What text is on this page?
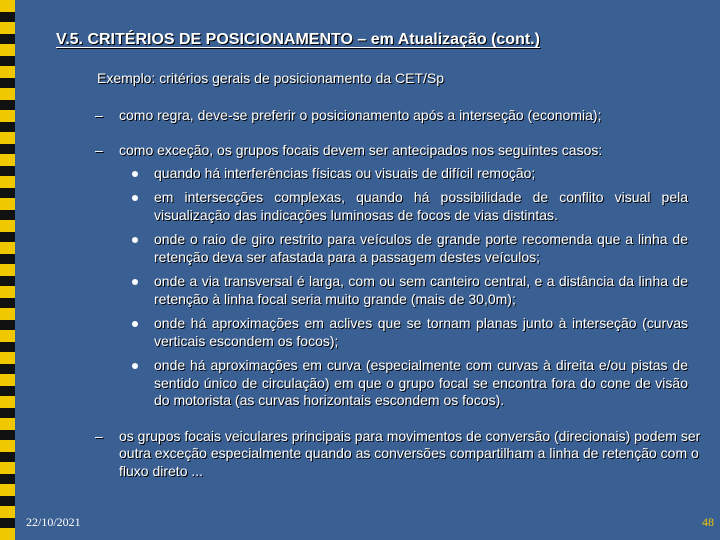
V.5. CRITÉRIOS DE POSICIONAMENTO – em Atualização (cont.)
Exemplo: critérios gerais de posicionamento da CET/Sp
– como regra, deve-se preferir o posicionamento após a interseção (economia);
– como exceção, os grupos focais devem ser antecipados nos seguintes casos:
quando há interferências físicas ou visuais de difícil remoção;
em intersecções complexas, quando há possibilidade de conflito visual pela visualização das indicações luminosas de focos de vias distintas.
onde o raio de giro restrito para veículos de grande porte recomenda que a linha de retenção deva ser afastada para a passagem destes veículos;
onde a via transversal é larga, com ou sem canteiro central, e a distância da linha de retenção à linha focal seria muito grande (mais de 30,0m);
onde há aproximações em aclives que se tornam planas junto à interseção (curvas verticais escondem os focos);
onde há aproximações em curva (especialmente com curvas à direita e/ou pistas de sentido único de circulação) em que o grupo focal se encontra fora do cone de visão do motorista (as curvas horizontais escondem os focos).
– os grupos focais veiculares principais para movimentos de conversão (direcionais) podem ser outra exceção especialmente quando as conversões compartilham a linha de retenção com o fluxo direto ...
22/10/2021	48
